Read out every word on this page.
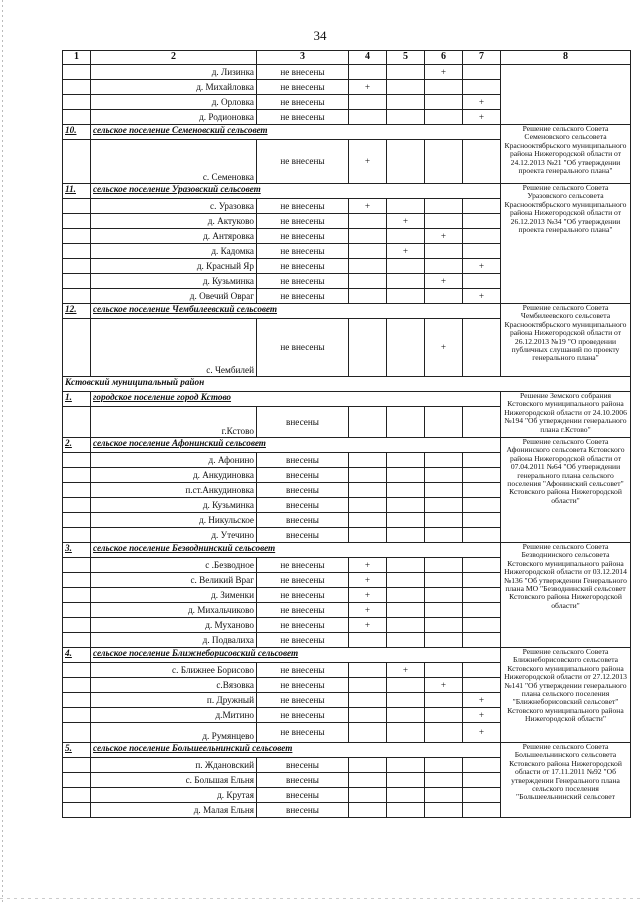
34
1	2	3	4	5	6	7	8
	д. Лизинка	не внесены			+		
	д. Михайловка	не внесены	+				
	д. Орловка	не внесены				+	
	д. Родионовка	не внесены				+	
10.	сельское поселение Семеновский сельсовет						Решение сельского Совета Семеновского сельсовета Краснооктябрьского муниципального района Нижегородской области от 24.12.2013 №21 "Об утверждении проекта генерального плана"
	с. Семеновка	не внесены	+				
11.	сельское поселение Уразовский сельсовет						Решение сельского Совета Уразовского сельсовета Краснооктябрьского муниципального района Нижегородской области от 26.12.2013 №34 "Об утверждении проекта генерального плана"
	с. Уразовка	не внесены	+				
	д. Актуково	не внесены		+			
	д. Антяровка	не внесены			+		
	д. Кадомка	не внесены		+			
	д. Красный Яр	не внесены				+	
	д. Кузьминка	не внесены			+		
	д. Овечий Овраг	не внесены				+	
12.	сельское поселение Чембилеевский сельсовет						Решение сельского Совета Чембилеевского сельсовета Краснооктябрьского муниципального района Нижегородской области от 26.12.2013 №19 "О проведении публичных слушаний по проекту генерального плана"
	с. Чембилей	не внесены			+		
Кстовский муниципальный район							
1.	городское поселение город Кстово						Решение Земского собрания Кстовского муниципального района Нижегородской области от 24.10.2006 №194 "Об утверждении генерального плана г.Кстово"
	г.Кстово	внесены					
2.	сельское поселение Афонинский сельсовет						Решение сельского Совета Афонинского сельсовета Кстовского района Нижегородской области от 07.04.2011 №64 "Об утверждении генерального плана сельского поселения "Афонинский сельсовет" Кстовского района Нижегородской области"
	д. Афонино	внесены					
	д. Анкудиновка	внесены					
	п.ст.Анкудиновка	внесены					
	д. Кузьминка	внесены					
	д. Никульское	внесены					
	д. Утечино	внесены					
3.	сельское поселение Безводнинский сельсовет						Решение сельского Совета Безводнинского сельсовета Кстовского муниципального района Нижегородской области от 03.12.2014 №136 "Об утверждении Генерального плана МО "Безводнинский сельсовет Кстовского района Нижегородской области"
	с .Безводное	не внесены	+				
	с. Великий Враг	не внесены	+				
	д. Зименки	не внесены	+				
	д. Михальчиково	не внесены	+				
	д. Муханово	не внесены	+				
	д. Подвалиха	не внесены					
4.	сельское поселение Ближнеборисовский сельсовет						Решение сельского Совета Ближнеборисовского сельсовета Кстовского муниципального района Нижегородской области от 27.12.2013 №141 "Об утверждении генерального плана сельского поселения "Ближнеборисовский сельсовет" Кстовского муниципального района Нижегородской области"
	с. Ближнее Борисово	не внесены		+			
	с.Вязовка	не внесены			+		
	п. Дружный	не внесены				+	
	д.Митино	не внесены				+	
	д. Румянцево	не внесены				+	
5.	сельское поселение Большеельнинский сельсовет						Решение сельского Совета Большеельнинского сельсовета Кстовского района Нижегородской области от 17.11.2011 №92 "Об утверждении Генерального плана сельского поселения "Большеельнинский сельсовет
	п. Ждановский	внесены					
	с. Большая Ельня	внесены					
	д. Крутая	внесены					
	д. Малая Ельня	внесены					
